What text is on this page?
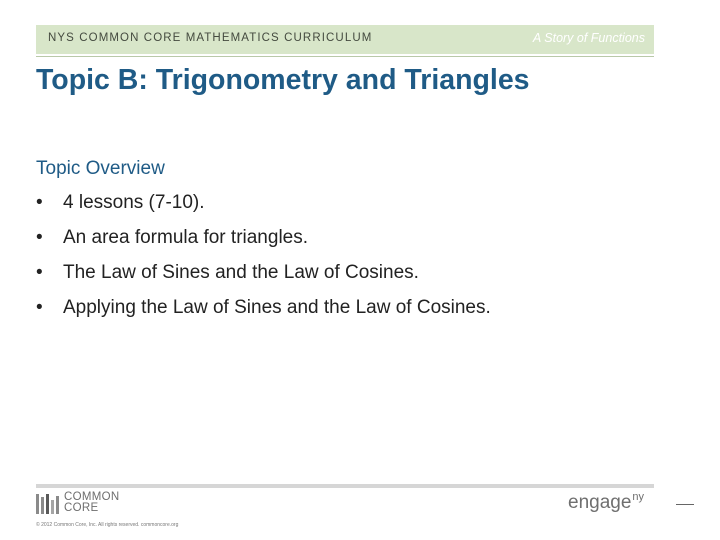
NYS COMMON CORE MATHEMATICS CURRICULUM	A Story of Functions
Topic B: Trigonometry and Triangles
Topic Overview
• 4 lessons (7-10).
• An area formula for triangles.
• The Law of Sines and the Law of Cosines.
• Applying the Law of Sines and the Law of Cosines.
COMMON
CORE
© 2012 Common Core, Inc. All rights reserved. commoncore.org
engage$^{ny}$
